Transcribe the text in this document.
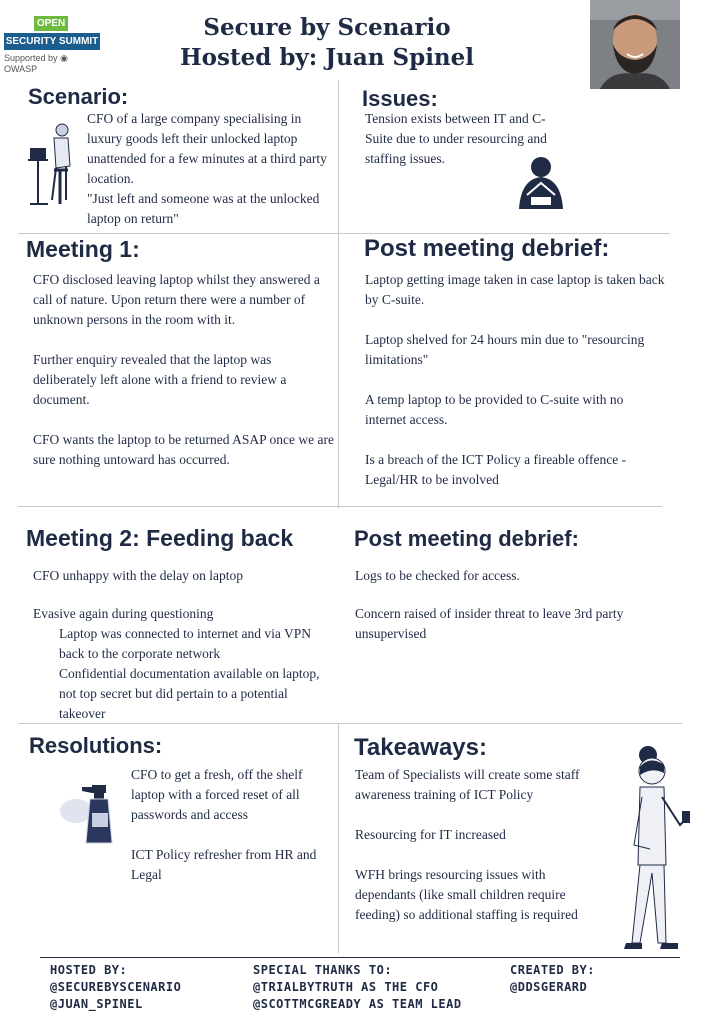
OPEN
SECURITY SUMMIT
Supported by ◉ OWASP
Secure by Scenario
Hosted by: Juan Spinel
Scenario:

CFO of a large company specialising in luxury goods left their unlocked laptop unattended for a few minutes at a third party location.

"Just left and someone was at the unlocked laptop on return"

Issues:

Tension exists between IT and C-Suite due to under resourcing and staffing issues.

Meeting 1:

CFO disclosed leaving laptop whilst they answered a call of nature. Upon return there were a number of unknown persons in the room with it.

Further enquiry revealed that the laptop was deliberately left alone with a friend to review a document.

CFO wants the laptop to be returned ASAP once we are sure nothing untoward has occurred.

Post meeting debrief:

Laptop getting image taken in case laptop is taken back by C-suite.

Laptop shelved for 24 hours min due to "resourcing limitations"

A temp laptop to be provided to C-suite with no internet access.

Is a breach of the ICT Policy a fireable offence - Legal/HR to be involved

Meeting 2: Feeding back

CFO unhappy with the delay on laptop

Evasive again during questioning

Laptop was connected to internet and via VPN back to the corporate network

Confidential documentation available on laptop, not top secret but did pertain to a potential takeover

Post meeting debrief:

Logs to be checked for access.

Concern raised of insider threat to leave 3rd party unsupervised

Resolutions:

CFO to get a fresh, off the shelf laptop with a forced reset of all passwords and access

ICT Policy refresher from HR and Legal

Takeaways:

Team of Specialists will create some staff awareness training of ICT Policy

Resourcing for IT increased

WFH brings resourcing issues with dependants (like small children require feeding) so additional staffing is required

HOSTED BY:
@SECUREBYSCENARIO
@JUAN_SPINEL
SPECIAL THANKS TO:
@TRIALBYTRUTH AS THE CFO
@SCOTTMCGREADY AS TEAM LEAD
CREATED BY:
@DDSGERARD
